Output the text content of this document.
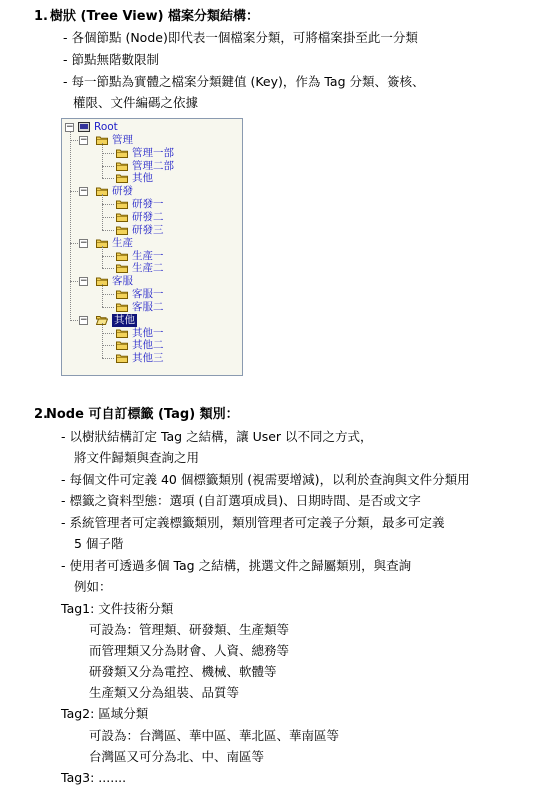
1. 樹狀 (Tree View) 檔案分類結構：
- 各個節點 (Node)即代表一個檔案分類，可將檔案掛至此一分類
- 節點無階數限制
- 每一節點為實體之檔案分類鍵值 (Key)，作為 Tag 分類、簽核、
權限、文件編碼之依據
− Root
− 管理
管理一部
管理二部
其他
− 研發
研發一
研發二
研發三
− 生產
生產一
生產二
− 客服
客服一
客服二
−	其他
其他一
其他二
其他三
2.
Node 可自訂標籤 (Tag) 類別：
- 以樹狀結構訂定 Tag 之結構，讓 User 以不同之方式，
將文件歸類與查詢之用
- 每個文件可定義 40 個標籤類別 (視需要增減)，以利於查詢與文件分類用
- 標籤之資料型態：選項 (自訂選項成員)、日期時間、是否或文字
- 系統管理者可定義標籤類別，類別管理者可定義子分類，最多可定義
5 個子階
- 使用者可透過多個 Tag 之結構，挑選文件之歸屬類別，與查詢
例如：
Tag1: 文件技術分類
可設為：管理類、研發類、生產類等
而管理類又分為財會、人資、總務等
研發類又分為電控、機械、軟體等
生產類又分為組裝、品質等
Tag2: 區域分類
可設為：台灣區、華中區、華北區、華南區等
台灣區又可分為北、中、南區等
Tag3: .......
